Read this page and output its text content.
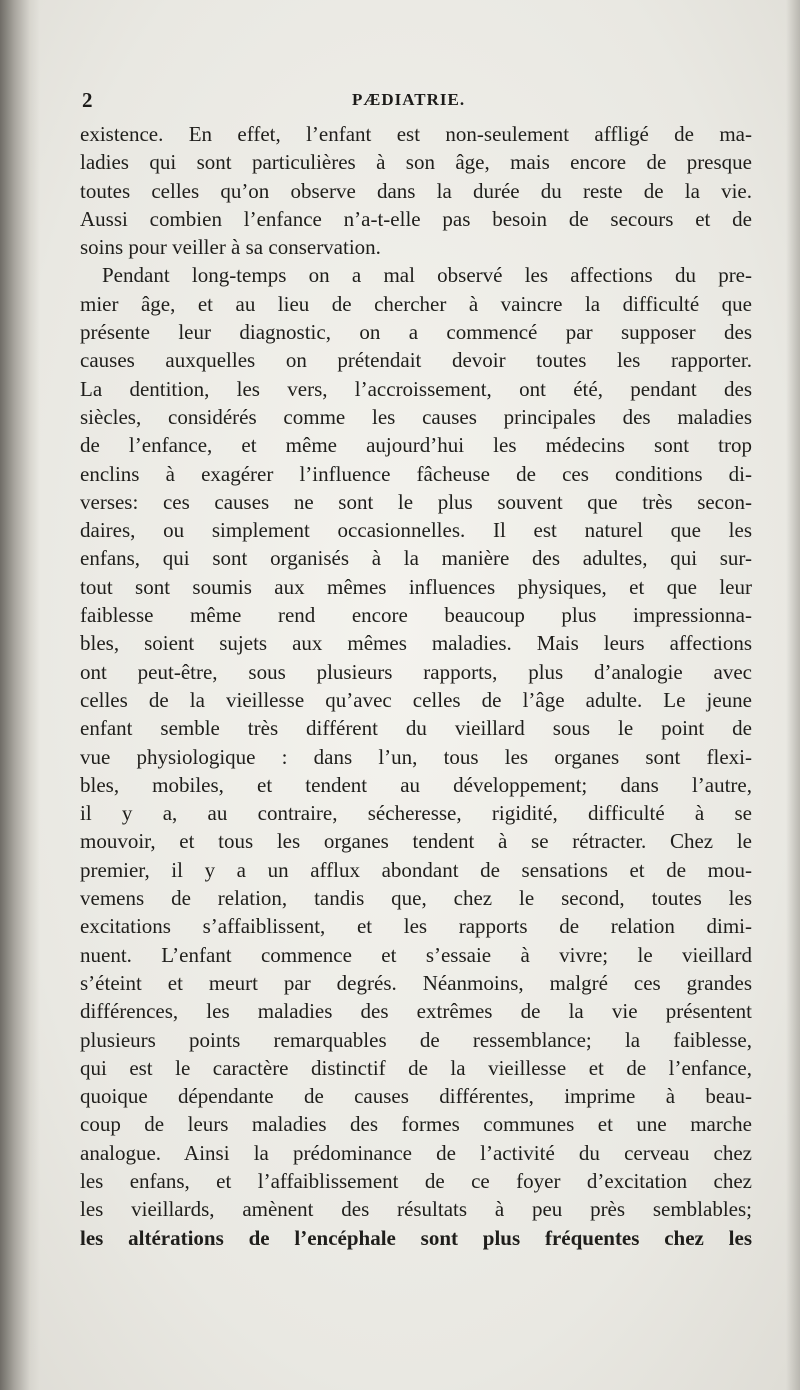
2	PÆDIATRIE.
existence. En effet, l’enfant est non-seulement affligé de ma-
ladies qui sont particulières à son âge, mais encore de presque
toutes celles qu’on observe dans la durée du reste de la vie.
Aussi combien l’enfance n’a-t-elle pas besoin de secours et de
soins pour veiller à sa conservation.
Pendant long-temps on a mal observé les affections du pre-
mier âge, et au lieu de chercher à vaincre la difficulté que
présente leur diagnostic, on a commencé par supposer des
causes auxquelles on prétendait devoir toutes les rapporter.
La dentition, les vers, l’accroissement, ont été, pendant des
siècles, considérés comme les causes principales des maladies
de l’enfance, et même aujourd’hui les médecins sont trop
enclins à exagérer l’influence fâcheuse de ces conditions di-
verses: ces causes ne sont le plus souvent que très secon-
daires, ou simplement occasionnelles. Il est naturel que les
enfans, qui sont organisés à la manière des adultes, qui sur-
tout sont soumis aux mêmes influences physiques, et que leur
faiblesse même rend encore beaucoup plus impressionna-
bles, soient sujets aux mêmes maladies. Mais leurs affections
ont peut-être, sous plusieurs rapports, plus d’analogie avec
celles de la vieillesse qu’avec celles de l’âge adulte. Le jeune
enfant semble très différent du vieillard sous le point de
vue physiologique : dans l’un, tous les organes sont flexi-
bles, mobiles, et tendent au développement; dans l’autre,
il y a, au contraire, sécheresse, rigidité, difficulté à se
mouvoir, et tous les organes tendent à se rétracter. Chez le
premier, il y a un afflux abondant de sensations et de mou-
vemens de relation, tandis que, chez le second, toutes les
excitations s’affaiblissent, et les rapports de relation dimi-
nuent. L’enfant commence et s’essaie à vivre; le vieillard
s’éteint et meurt par degrés. Néanmoins, malgré ces grandes
différences, les maladies des extrêmes de la vie présentent
plusieurs points remarquables de ressemblance; la faiblesse,
qui est le caractère distinctif de la vieillesse et de l’enfance,
quoique dépendante de causes différentes, imprime à beau-
coup de leurs maladies des formes communes et une marche
analogue. Ainsi la prédominance de l’activité du cerveau chez
les enfans, et l’affaiblissement de ce foyer d’excitation chez
les vieillards, amènent des résultats à peu près semblables;
les altérations de l’encéphale sont plus fréquentes chez les
